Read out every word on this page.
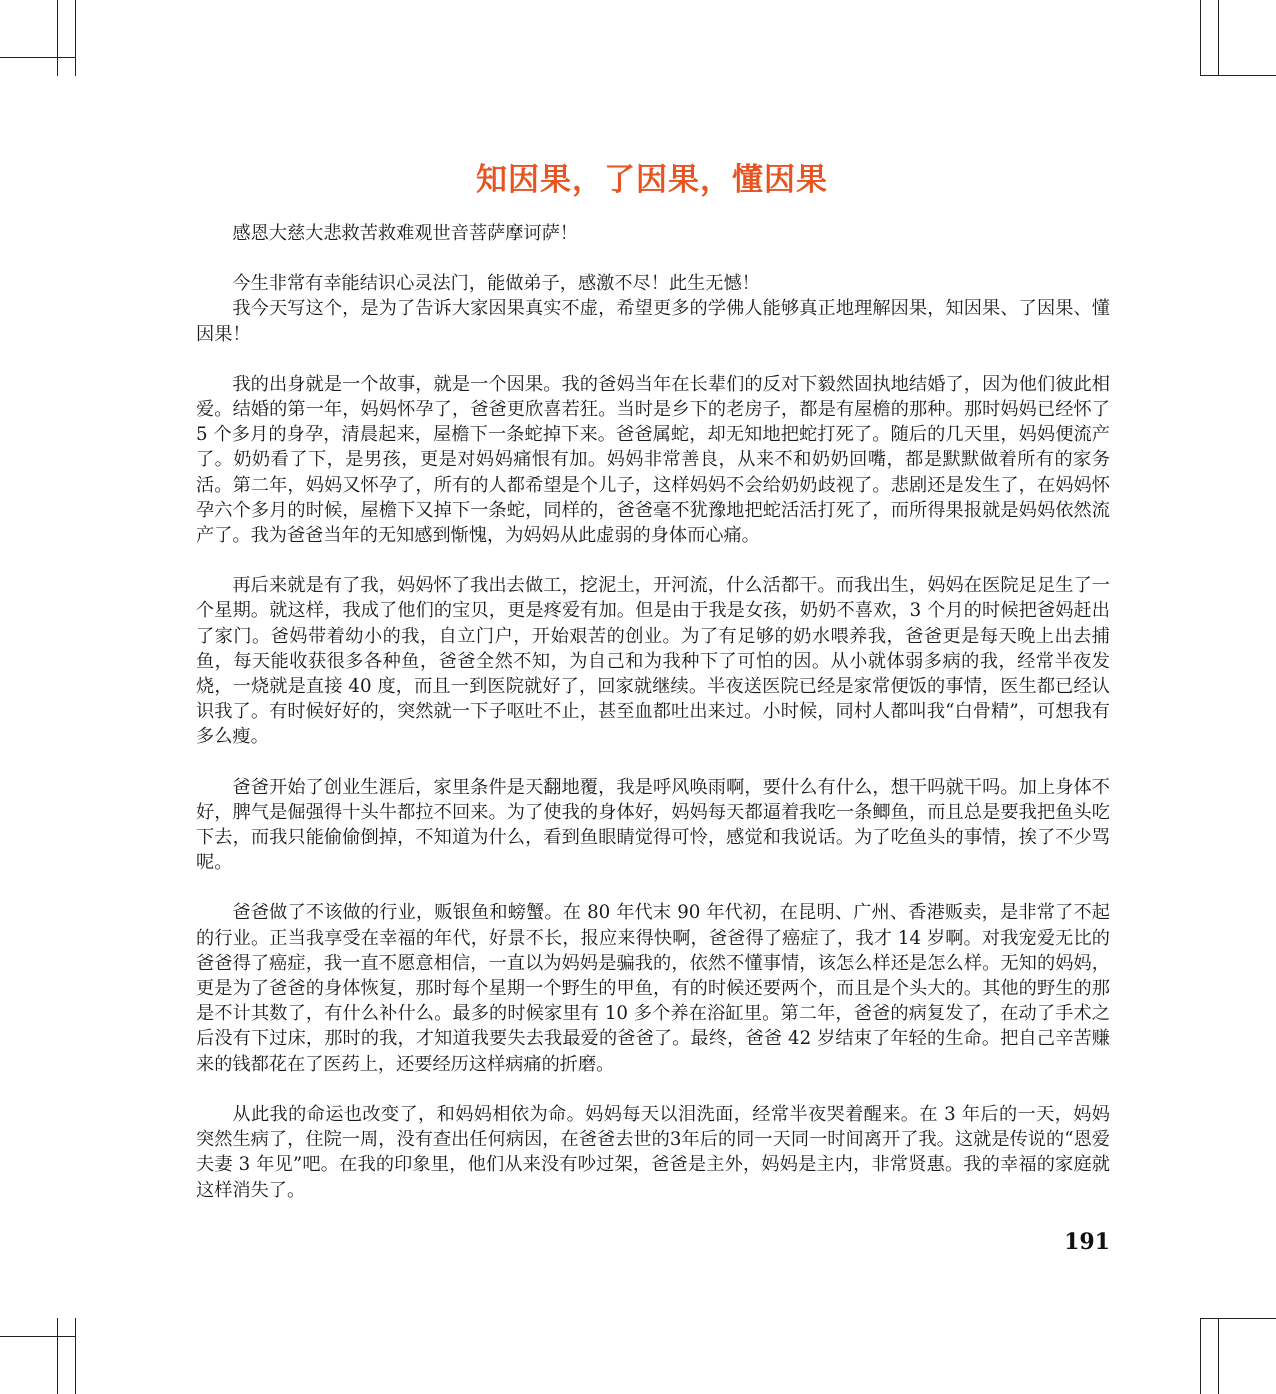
知因果，了因果，懂因果

感恩大慈大悲救苦救难观世音菩萨摩诃萨！

今生非常有幸能结识心灵法门，能做弟子，感激不尽！此生无憾！

我今天写这个，是为了告诉大家因果真实不虚，希望更多的学佛人能够真正地理解因果，知因果、了因果、懂因果！

我的出身就是一个故事，就是一个因果。我的爸妈当年在长辈们的反对下毅然固执地结婚了，因为他们彼此相爱。结婚的第一年，妈妈怀孕了，爸爸更欣喜若狂。当时是乡下的老房子，都是有屋檐的那种。那时妈妈已经怀了 5 个多月的身孕，清晨起来，屋檐下一条蛇掉下来。爸爸属蛇，却无知地把蛇打死了。随后的几天里，妈妈便流产了。奶奶看了下，是男孩，更是对妈妈痛恨有加。妈妈非常善良，从来不和奶奶回嘴，都是默默做着所有的家务活。第二年，妈妈又怀孕了，所有的人都希望是个儿子，这样妈妈不会给奶奶歧视了。悲剧还是发生了，在妈妈怀孕六个多月的时候，屋檐下又掉下一条蛇，同样的，爸爸毫不犹豫地把蛇活活打死了，而所得果报就是妈妈依然流产了。我为爸爸当年的无知感到惭愧，为妈妈从此虚弱的身体而心痛。

再后来就是有了我，妈妈怀了我出去做工，挖泥土，开河流，什么活都干。而我出生，妈妈在医院足足生了一个星期。就这样，我成了他们的宝贝，更是疼爱有加。但是由于我是女孩，奶奶不喜欢，3 个月的时候把爸妈赶出了家门。爸妈带着幼小的我，自立门户，开始艰苦的创业。为了有足够的奶水喂养我，爸爸更是每天晚上出去捕鱼，每天能收获很多各种鱼，爸爸全然不知，为自己和为我种下了可怕的因。从小就体弱多病的我，经常半夜发烧，一烧就是直接 40 度，而且一到医院就好了，回家就继续。半夜送医院已经是家常便饭的事情，医生都已经认识我了。有时候好好的，突然就一下子呕吐不止，甚至血都吐出来过。小时候，同村人都叫我“白骨精”，可想我有多么瘦。

爸爸开始了创业生涯后，家里条件是天翻地覆，我是呼风唤雨啊，要什么有什么，想干吗就干吗。加上身体不好，脾气是倔强得十头牛都拉不回来。为了使我的身体好，妈妈每天都逼着我吃一条鲫鱼，而且总是要我把鱼头吃下去，而我只能偷偷倒掉，不知道为什么，看到鱼眼睛觉得可怜，感觉和我说话。为了吃鱼头的事情，挨了不少骂呢。

爸爸做了不该做的行业，贩银鱼和螃蟹。在 80 年代末 90 年代初，在昆明、广州、香港贩卖，是非常了不起的行业。正当我享受在幸福的年代，好景不长，报应来得快啊，爸爸得了癌症了，我才 14 岁啊。对我宠爱无比的爸爸得了癌症，我一直不愿意相信，一直以为妈妈是骗我的，依然不懂事情，该怎么样还是怎么样。无知的妈妈，更是为了爸爸的身体恢复，那时每个星期一个野生的甲鱼，有的时候还要两个，而且是个头大的。其他的野生的那是不计其数了，有什么补什么。最多的时候家里有 10 多个养在浴缸里。第二年，爸爸的病复发了，在动了手术之后没有下过床，那时的我，才知道我要失去我最爱的爸爸了。最终，爸爸 42 岁结束了年轻的生命。把自己辛苦赚来的钱都花在了医药上，还要经历这样病痛的折磨。

从此我的命运也改变了，和妈妈相依为命。妈妈每天以泪洗面，经常半夜哭着醒来。在 3 年后的一天，妈妈突然生病了，住院一周，没有查出任何病因，在爸爸去世的3年后的同一天同一时间离开了我。这就是传说的“恩爱夫妻 3 年见”吧。在我的印象里，他们从来没有吵过架，爸爸是主外，妈妈是主内，非常贤惠。我的幸福的家庭就这样消失了。

191
